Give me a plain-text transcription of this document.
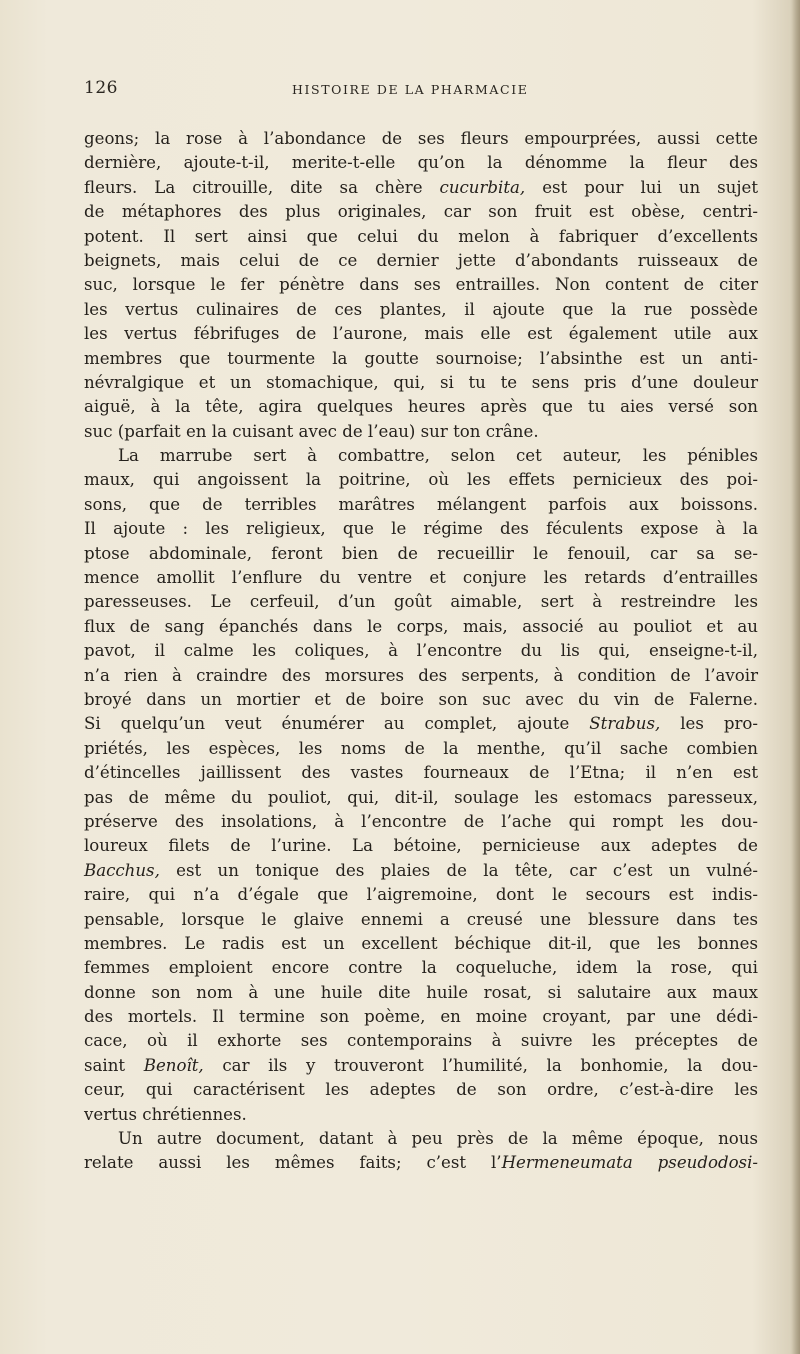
126	HISTOIRE DE LA PHARMACIE
geons; la rose à l’abondance de ses fleurs empourprées, aussi cette
dernière, ajoute-t-il, merite-t-elle qu’on la dénomme la fleur des
fleurs. La citrouille, dite sa chère cucurbita, est pour lui un sujet
de métaphores des plus originales, car son fruit est obèse, centri-
potent. Il sert ainsi que celui du melon à fabriquer d’excellents
beignets, mais celui de ce dernier jette d’abondants ruisseaux de
suc, lorsque le fer pénètre dans ses entrailles. Non content de citer
les vertus culinaires de ces plantes, il ajoute que la rue possède
les vertus fébrifuges de l’aurone, mais elle est également utile aux
membres que tourmente la goutte sournoise; l’absinthe est un anti-
névralgique et un stomachique, qui, si tu te sens pris d’une douleur
aiguë, à la tête, agira quelques heures après que tu aies versé son
suc (parfait en la cuisant avec de l’eau) sur ton crâne.
La marrube sert à combattre, selon cet auteur, les pénibles
maux, qui angoissent la poitrine, où les effets pernicieux des poi-
sons, que de terribles marâtres mélangent parfois aux boissons.
Il ajoute : les religieux, que le régime des féculents expose à la
ptose abdominale, feront bien de recueillir le fenouil, car sa se-
mence amollit l’enflure du ventre et conjure les retards d’entrailles
paresseuses. Le cerfeuil, d’un goût aimable, sert à restreindre les
flux de sang épanchés dans le corps, mais, associé au pouliot et au
pavot, il calme les coliques, à l’encontre du lis qui, enseigne-t-il,
n’a rien à craindre des morsures des serpents, à condition de l’avoir
broyé dans un mortier et de boire son suc avec du vin de Falerne.
Si quelqu’un veut énumérer au complet, ajoute Strabus, les pro-
priétés, les espèces, les noms de la menthe, qu’il sache combien
d’étincelles jaillissent des vastes fourneaux de l’Etna; il n’en est
pas de même du pouliot, qui, dit-il, soulage les estomacs paresseux,
préserve des insolations, à l’encontre de l’ache qui rompt les dou-
loureux filets de l’urine. La bétoine, pernicieuse aux adeptes de
Bacchus, est un tonique des plaies de la tête, car c’est un vulné-
raire, qui n’a d’égale que l’aigremoine, dont le secours est indis-
pensable, lorsque le glaive ennemi a creusé une blessure dans tes
membres. Le radis est un excellent béchique dit-il, que les bonnes
femmes emploient encore contre la coqueluche, idem la rose, qui
donne son nom à une huile dite huile rosat, si salutaire aux maux
des mortels. Il termine son poème, en moine croyant, par une dédi-
cace, où il exhorte ses contemporains à suivre les préceptes de
saint Benoît, car ils y trouveront l’humilité, la bonhomie, la dou-
ceur, qui caractérisent les adeptes de son ordre, c’est-à-dire les
vertus chrétiennes.
Un autre document, datant à peu près de la même époque, nous
relate aussi les mêmes faits; c’est l’Hermeneumata pseudodosi-
